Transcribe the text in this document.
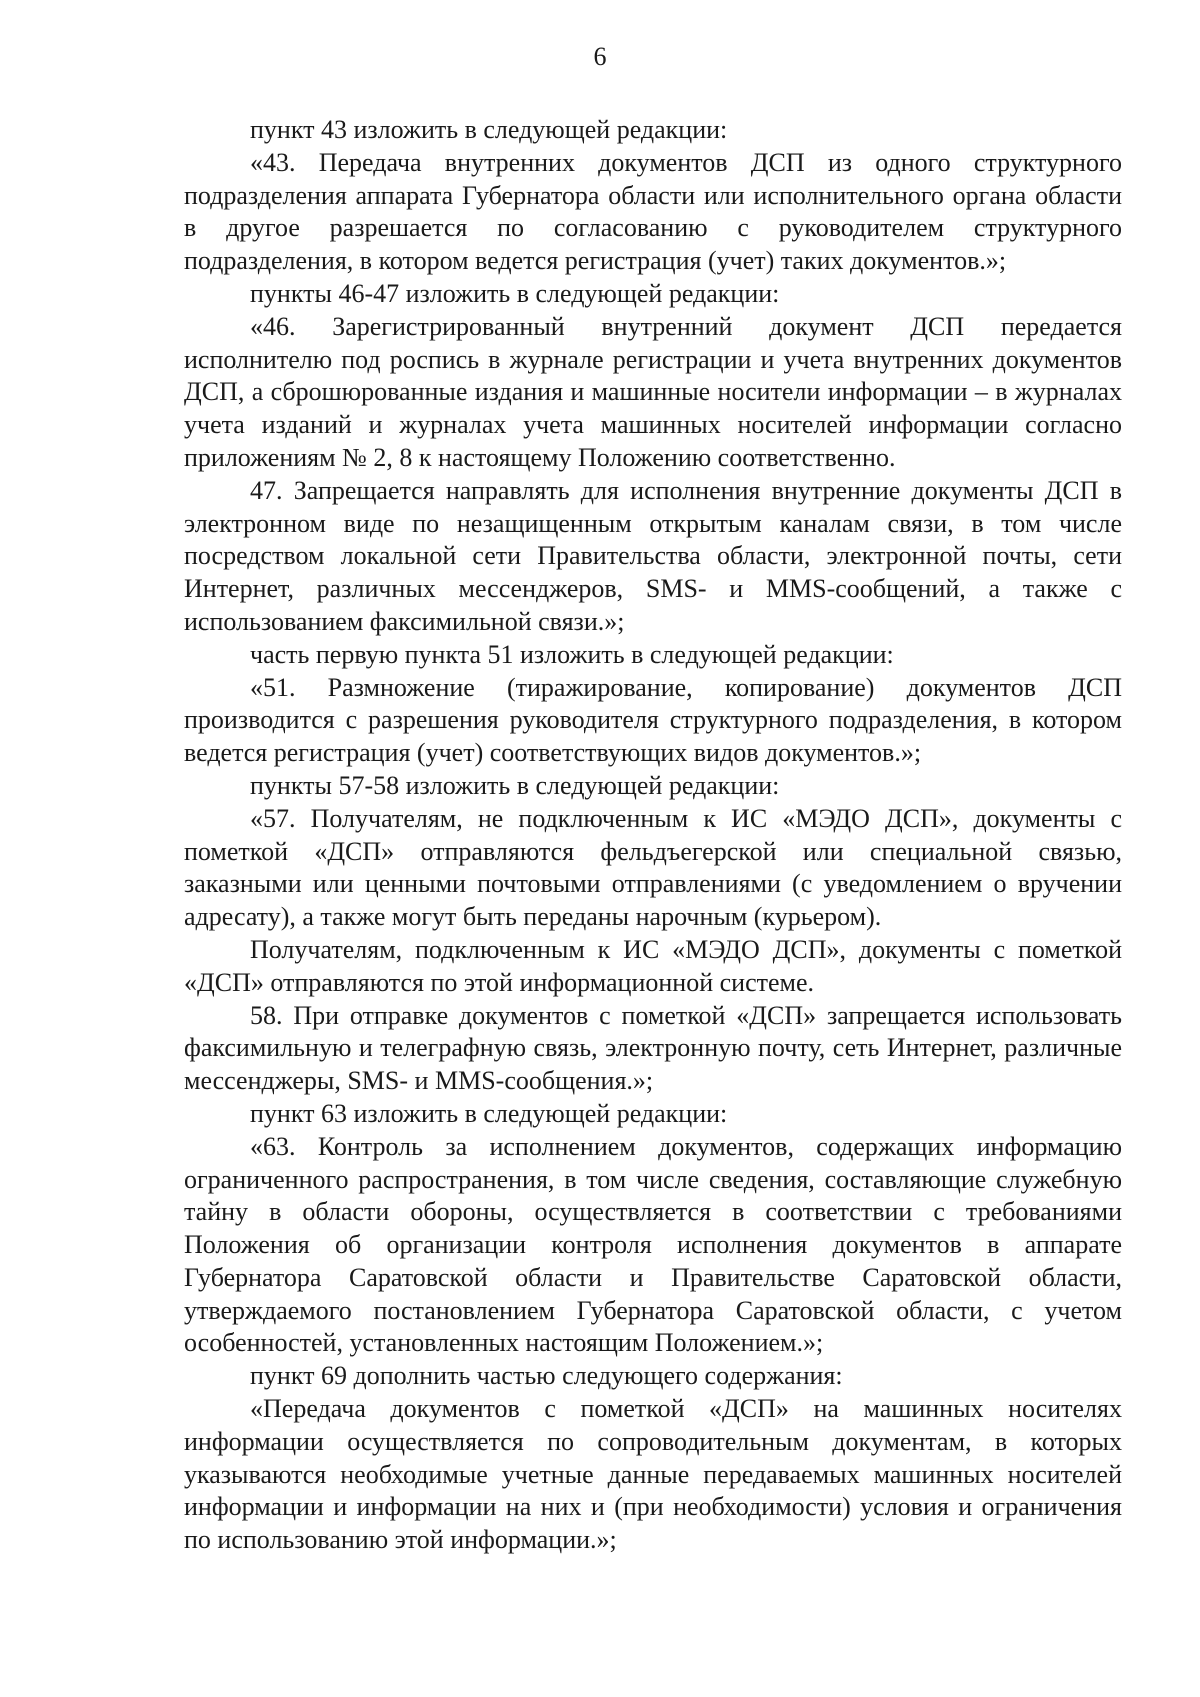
6

пункт 43 изложить в следующей редакции:

«43. Передача внутренних документов ДСП из одного структурного подразделения аппарата Губернатора области или исполнительного органа области в другое разрешается по согласованию с руководителем структурного подразделения, в котором ведется регистрация (учет) таких документов.»;

пункты 46-47 изложить в следующей редакции:

«46. Зарегистрированный внутренний документ ДСП передается исполнителю под роспись в журнале регистрации и учета внутренних документов ДСП, а сброшюрованные издания и машинные носители информации – в журналах учета изданий и журналах учета машинных носителей информации согласно приложениям № 2, 8 к настоящему Положению соответственно.

47. Запрещается направлять для исполнения внутренние документы ДСП в электронном виде по незащищенным открытым каналам связи, в том числе посредством локальной сети Правительства области, электронной почты, сети Интернет, различных мессенджеров, SMS- и MMS-сообщений, а также с использованием факсимильной связи.»;

часть первую пункта 51 изложить в следующей редакции:

«51. Размножение (тиражирование, копирование) документов ДСП производится с разрешения руководителя структурного подразделения, в котором ведется регистрация (учет) соответствующих видов документов.»;

пункты 57-58 изложить в следующей редакции:

«57. Получателям, не подключенным к ИС «МЭДО ДСП», документы с пометкой «ДСП» отправляются фельдъегерской или специальной связью, заказными или ценными почтовыми отправлениями (с уведомлением о вручении адресату), а также могут быть переданы нарочным (курьером).

Получателям, подключенным к ИС «МЭДО ДСП», документы с пометкой «ДСП» отправляются по этой информационной системе.

58. При отправке документов с пометкой «ДСП» запрещается использовать факсимильную и телеграфную связь, электронную почту, сеть Интернет, различные мессенджеры, SMS- и MMS-сообщения.»;

пункт 63 изложить в следующей редакции:

«63. Контроль за исполнением документов, содержащих информацию ограниченного распространения, в том числе сведения, составляющие служебную тайну в области обороны, осуществляется в соответствии с требованиями Положения об организации контроля исполнения документов в аппарате Губернатора Саратовской области и Правительстве Саратовской области, утверждаемого постановлением Губернатора Саратовской области, с учетом особенностей, установленных настоящим Положением.»;

пункт 69 дополнить частью следующего содержания:

«Передача документов с пометкой «ДСП» на машинных носителях информации осуществляется по сопроводительным документам, в которых указываются необходимые учетные данные передаваемых машинных носителей информации и информации на них и (при необходимости) условия и ограничения по использованию этой информации.»;
